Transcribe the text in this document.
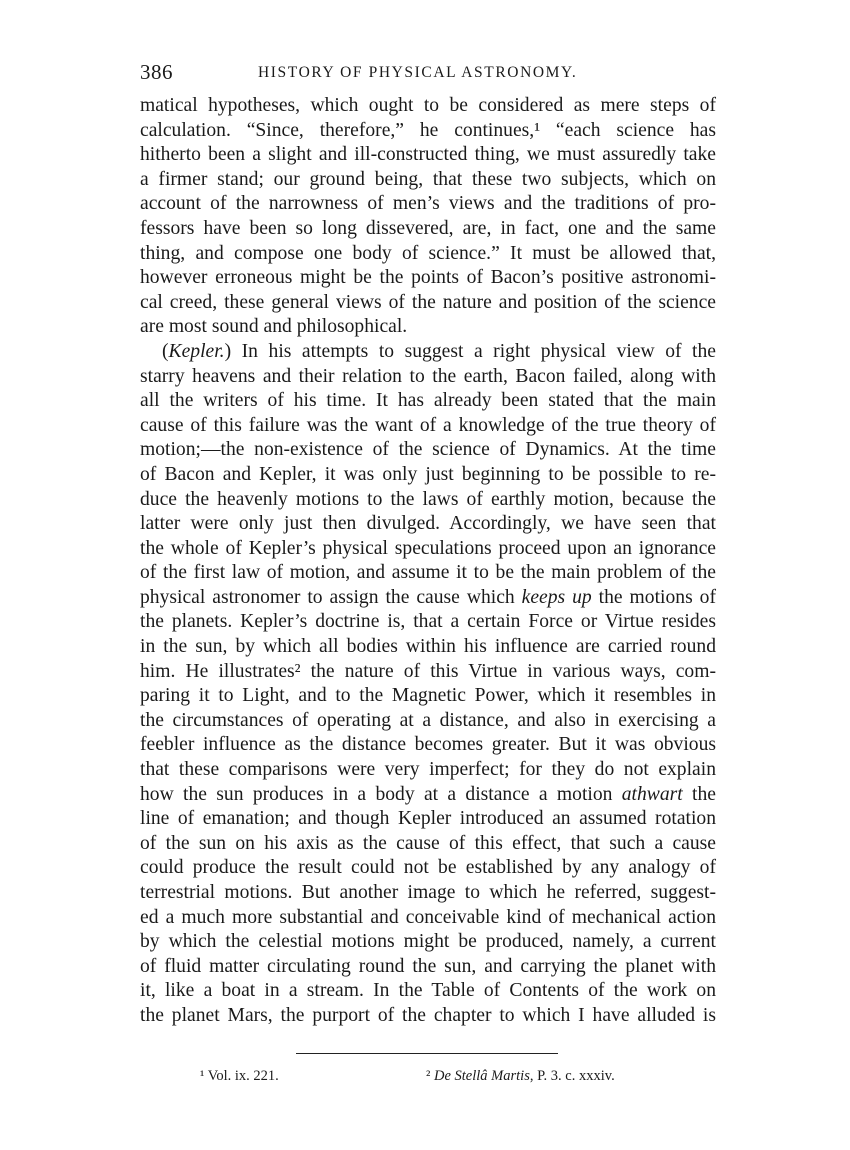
386	HISTORY OF PHYSICAL ASTRONOMY.
matical hypotheses, which ought to be considered as mere steps of
calculation. “Since, therefore,” he continues,¹ “each science has
hitherto been a slight and ill-constructed thing, we must assuredly take
a firmer stand; our ground being, that these two subjects, which on
account of the narrowness of men’s views and the traditions of pro-
fessors have been so long dissevered, are, in fact, one and the same
thing, and compose one body of science.” It must be allowed that,
however erroneous might be the points of Bacon’s positive astronomi-
cal creed, these general views of the nature and position of the science
are most sound and philosophical.
(Kepler.) In his attempts to suggest a right physical view of the
starry heavens and their relation to the earth, Bacon failed, along with
all the writers of his time. It has already been stated that the main
cause of this failure was the want of a knowledge of the true theory of
motion;—the non-existence of the science of Dynamics. At the time
of Bacon and Kepler, it was only just beginning to be possible to re-
duce the heavenly motions to the laws of earthly motion, because the
latter were only just then divulged. Accordingly, we have seen that
the whole of Kepler’s physical speculations proceed upon an ignorance
of the first law of motion, and assume it to be the main problem of the
physical astronomer to assign the cause which keeps up the motions of
the planets. Kepler’s doctrine is, that a certain Force or Virtue resides
in the sun, by which all bodies within his influence are carried round
him. He illustrates² the nature of this Virtue in various ways, com-
paring it to Light, and to the Magnetic Power, which it resembles in
the circumstances of operating at a distance, and also in exercising a
feebler influence as the distance becomes greater. But it was obvious
that these comparisons were very imperfect; for they do not explain
how the sun produces in a body at a distance a motion athwart the
line of emanation; and though Kepler introduced an assumed rotation
of the sun on his axis as the cause of this effect, that such a cause
could produce the result could not be established by any analogy of
terrestrial motions. But another image to which he referred, suggest-
ed a much more substantial and conceivable kind of mechanical action
by which the celestial motions might be produced, namely, a current
of fluid matter circulating round the sun, and carrying the planet with
it, like a boat in a stream. In the Table of Contents of the work on
the planet Mars, the purport of the chapter to which I have alluded is
¹ Vol. ix. 221.	² De Stellâ Martis, P. 3. c. xxxiv.
